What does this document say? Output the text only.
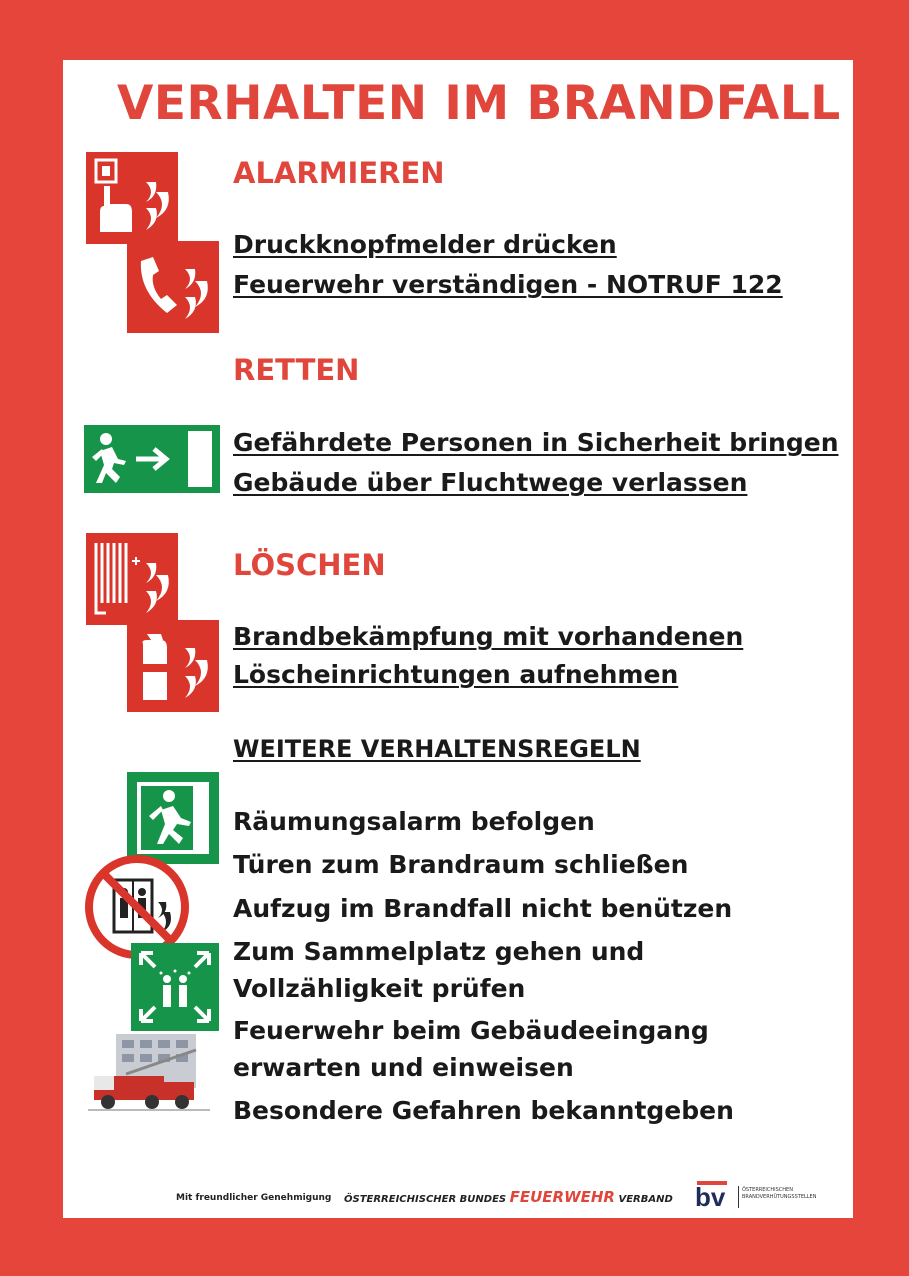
VERHALTEN IM BRANDFALL
ALARMIEREN
Druckknopfmelder drücken
Feuerwehr verständigen - NOTRUF 122
RETTEN
Gefährdete Personen in Sicherheit bringen
Gebäude über Fluchtwege verlassen
LÖSCHEN
Brandbekämpfung mit vorhandenen
Löscheinrichtungen aufnehmen
WEITERE VERHALTENSREGELN
Räumungsalarm befolgen
Türen zum Brandraum schließen
Aufzug im Brandfall nicht benützen
Zum Sammelplatz gehen und
Vollzähligkeit prüfen
Feuerwehr beim Gebäudeeingang
erwarten und einweisen
Besondere Gefahren bekanntgeben
Mit freundlicher Genehmigung ÖSTERREICHISCHER BUNDES FEUERWEHR VERBAND bv	ÖSTERREICHISCHEN
BRANDVERHÜTUNGSSTELLEN
